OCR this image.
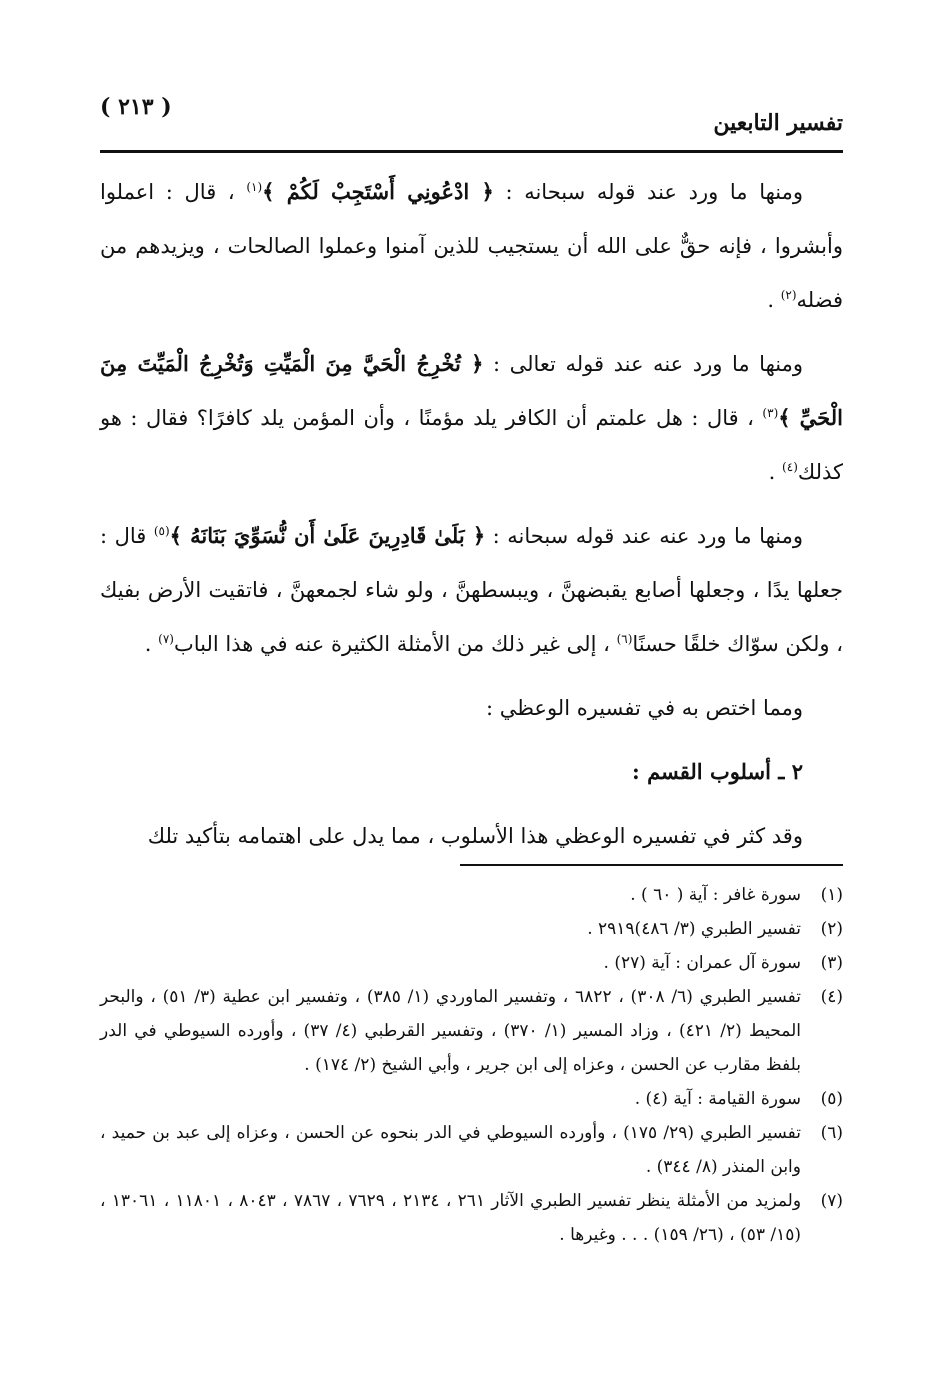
( ٢١٣ )
تفسير التابعين

ومنها ما ورد عند قوله سبحانه : ﴿ ادْعُونِي أَسْتَجِبْ لَكُمْ ﴾$^{(١)}$ ، قال : اعملوا وأبشروا ، فإنه حقٌّ على الله أن يستجيب للذين آمنوا وعملوا الصالحات ، ويزيدهم من فضله$^{(٢)}$ .

ومنها ما ورد عنه عند قوله تعالى : ﴿ تُخْرِجُ الْحَيَّ مِنَ الْمَيِّتِ وَتُخْرِجُ الْمَيِّتَ مِنَ الْحَيِّ ﴾$^{(٣)}$ ، قال : هل علمتم أن الكافر يلد مؤمنًا ، وأن المؤمن يلد كافرًا؟ فقال : هو كذلك$^{(٤)}$ .

ومنها ما ورد عنه عند قوله سبحانه : ﴿ بَلَىٰ قَادِرِينَ عَلَىٰ أَن نُّسَوِّيَ بَنَانَهُ ﴾$^{(٥)}$ قال : جعلها يدًا ، وجعلها أصابع يقبضهنَّ ، ويبسطهنَّ ، ولو شاء لجمعهنَّ ، فاتقيت الأرض بفيك ، ولكن سوّاك خلقًا حسنًا$^{(٦)}$ ، إلى غير ذلك من الأمثلة الكثيرة عنه في هذا الباب$^{(٧)}$ .

ومما اختص به في تفسيره الوعظي :

٢ ـ أسلوب القسم :

وقد كثر في تفسيره الوعظي هذا الأسلوب ، مما يدل على اهتمامه بتأكيد تلك

(١)
سورة غافر : آية ( ٦٠ ) .

(٢)
تفسير الطبري (٣/ ٤٨٦)٢٩١٩ .

(٣)
سورة آل عمران : آية (٢٧) .

(٤)
تفسير الطبري (٦/ ٣٠٨) ، ٦٨٢٢ ، وتفسير الماوردي (١/ ٣٨٥) ، وتفسير ابن عطية (٣/ ٥١) ، والبحر المحيط (٢/ ٤٢١) ، وزاد المسير (١/ ٣٧٠) ، وتفسير القرطبي (٤/ ٣٧) ، وأورده السيوطي في الدر بلفظ مقارب عن الحسن ، وعزاه إلى ابن جرير ، وأبي الشيخ (٢/ ١٧٤) .

(٥)
سورة القيامة : آية (٤) .

(٦)
تفسير الطبري (٢٩/ ١٧٥) ، وأورده السيوطي في الدر بنحوه عن الحسن ، وعزاه إلى عبد بن حميد ، وابن المنذر (٨/ ٣٤٤) .

(٧)
ولمزيد من الأمثلة ينظر تفسير الطبري الآثار ٢٦١ ، ٢١٣٤ ، ٧٦٢٩ ، ٧٨٦٧ ، ٨٠٤٣ ، ١١٨٠١ ، ١٣٠٦١ ، (١٥/ ٥٣) ، (٢٦/ ١٥٩) . . . وغيرها .
